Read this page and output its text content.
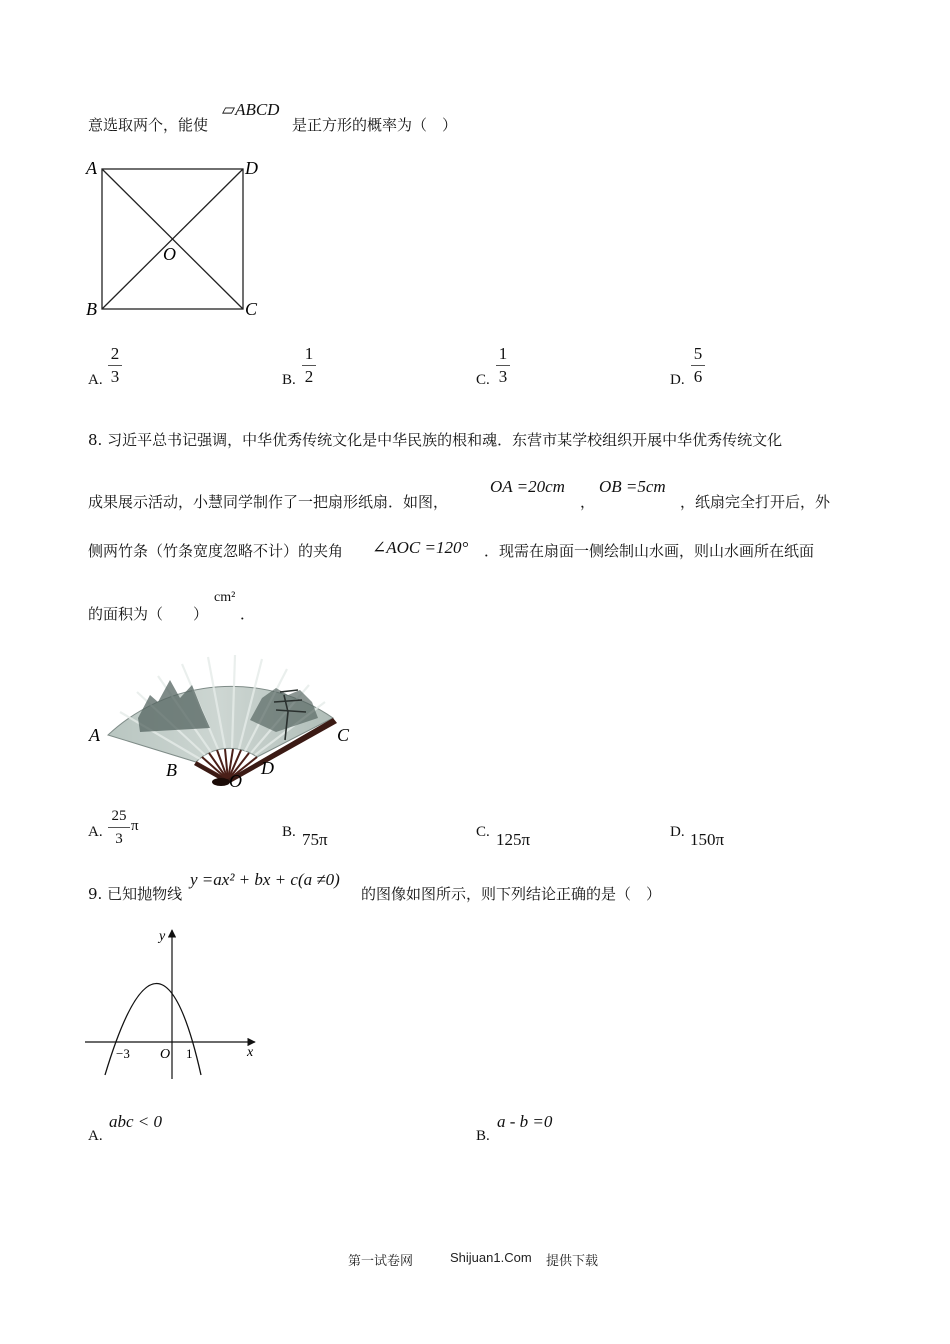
意选取两个，能使
▱ABCD
是正方形的概率为（　）
A	D
O
B	C
A.
2
3	B.
1
2	C.
1
3	D.
5
6
8. 习近平总书记强调，中华优秀传统文化是中华民族的根和魂．东营市某学校组织开展中华优秀传统文化
成果展示活动，小慧同学制作了一把扇形纸扇．如图，
OA =20cm
，
OB =5cm
，纸扇完全打开后，外
侧两竹条（竹条宽度忽略不计）的夹角 ∠AOC =120° ．现需在扇面一侧绘制山水画，则山水画所在纸面
的面积为（　　）
cm²
．
A
B
O
D
C
A.
25
3
π	B. 75π	C. 125π	D. 150π
9. 已知抛物线
y =ax² + bx + c(a ≠0)
的图像如图所示，则下列结论正确的是（　）
y
x
O
−3	1
A.
abc < 0
B.
a - b =0
第一试卷网	Shijuan1.Com 提供下载
